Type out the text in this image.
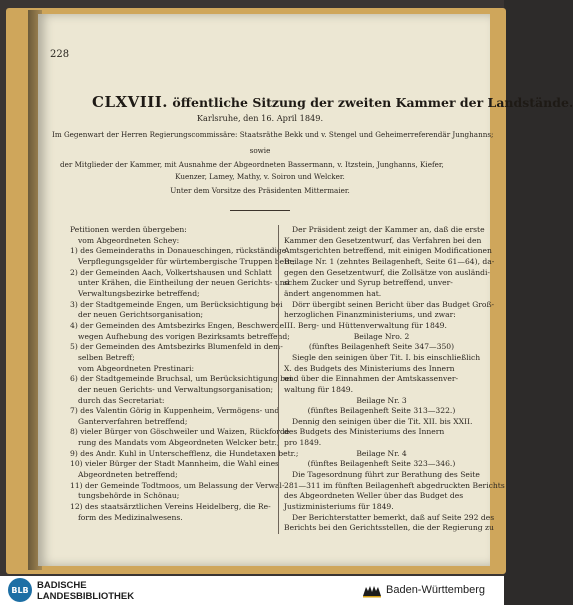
228
CLXVIII. öffentliche Sitzung der zweiten Kammer der Landstände.
Karlsruhe, den 16. April 1849.
Im Gegenwart der Herren Regierungscommissäre: Staatsräthe Bekk und v. Stengel und Geheimerreferendär Junghanns;
sowie
der Mitglieder der Kammer, mit Ausnahme der Abgeordneten Bassermann, v. Itzstein, Junghanns, Kiefer,
Kuenzer, Lamey, Mathy, v. Soiron und Welcker.
Unter dem Vorsitze des Präsidenten Mittermaier.
Petitionen werden übergeben:
vom Abgeordneten Schey:
1) des Gemeinderaths in Donaueschingen, rückständige
Verpflegungsgelder für würtembergische Truppen betr.;
2) der Gemeinden Aach, Volkertshausen und Schlatt
unter Krähen, die Eintheilung der neuen Gerichts- und
Verwaltungsbezirke betreffend;
3) der Stadtgemeinde Engen, um Berücksichtigung bei
der neuen Gerichtsorganisation;
4) der Gemeinden des Amtsbezirks Engen, Beschwerde
wegen Aufhebung des vorigen Bezirksamts betreffend;
5) der Gemeinden des Amtsbezirks Blumenfeld in dem-
selben Betreff;
vom Abgeordneten Prestinari:
6) der Stadtgemeinde Bruchsal, um Berücksichtigung bei
der neuen Gerichts- und Verwaltungsorganisation;
durch das Secretariat:
7) des Valentin Görig in Kuppenheim, Vermögens- und
Ganterverfahren betreffend;
8) vieler Bürger von Göschweiler und Waizen, Rückforde-
rung des Mandats vom Abgeordneten Welcker betr.;
9) des Andr. Kuhl in Unterschefflenz, die Hundetaxen betr.;
10) vieler Bürger der Stadt Mannheim, die Wahl eines
Abgeordneten betreffend;
11) der Gemeinde Todtmoos, um Belassung der Verwal-
tungsbehörde in Schönau;
12) des staatsärztlichen Vereins Heidelberg, die Re-
form des Medizinalwesens.
Der Präsident zeigt der Kammer an, daß die erste
Kammer den Gesetzentwurf, das Verfahren bei den
Amtsgerichten betreffend, mit einigen Modificationen
Beilage Nr. 1 (zehntes Beilagenheft, Seite 61—64), da-
gegen den Gesetzentwurf, die Zollsätze von ausländi-
schem Zucker und Syrup betreffend, unver-
ändert angenommen hat.
Dörr übergibt seinen Bericht über das Budget Groß-
herzoglichen Finanzministeriums, und zwar:
III. Berg- und Hüttenverwaltung für 1849.
Beilage Nro. 2
(fünftes Beilagenheft Seite 347—350)
Siegle den seinigen über Tit. I. bis einschließlich
X. des Budgets des Ministeriums des Innern
und über die Einnahmen der Amtskassenver-
waltung für 1849.
Beilage Nr. 3
(fünftes Beilagenheft Seite 313—322.)
Dennig den seinigen über die Tit. XII. bis XXII.
des Budgets des Ministeriums des Innern
pro 1849.
Beilage Nr. 4
(fünftes Beilagenheft Seite 323—346.)
Die Tagesordnung führt zur Berathung des Seite
281—311 im fünften Beilagenheft abgedruckten Berichts
des Abgeordneten Weller über das Budget des
Justizministeriums für 1849.
Der Berichterstatter bemerkt, daß auf Seite 292 des
Berichts bei den Gerichtsstellen, die der Regierung zu
BLB BADISCHE
LANDESBIBLIOTHEK
Baden-Württemberg
